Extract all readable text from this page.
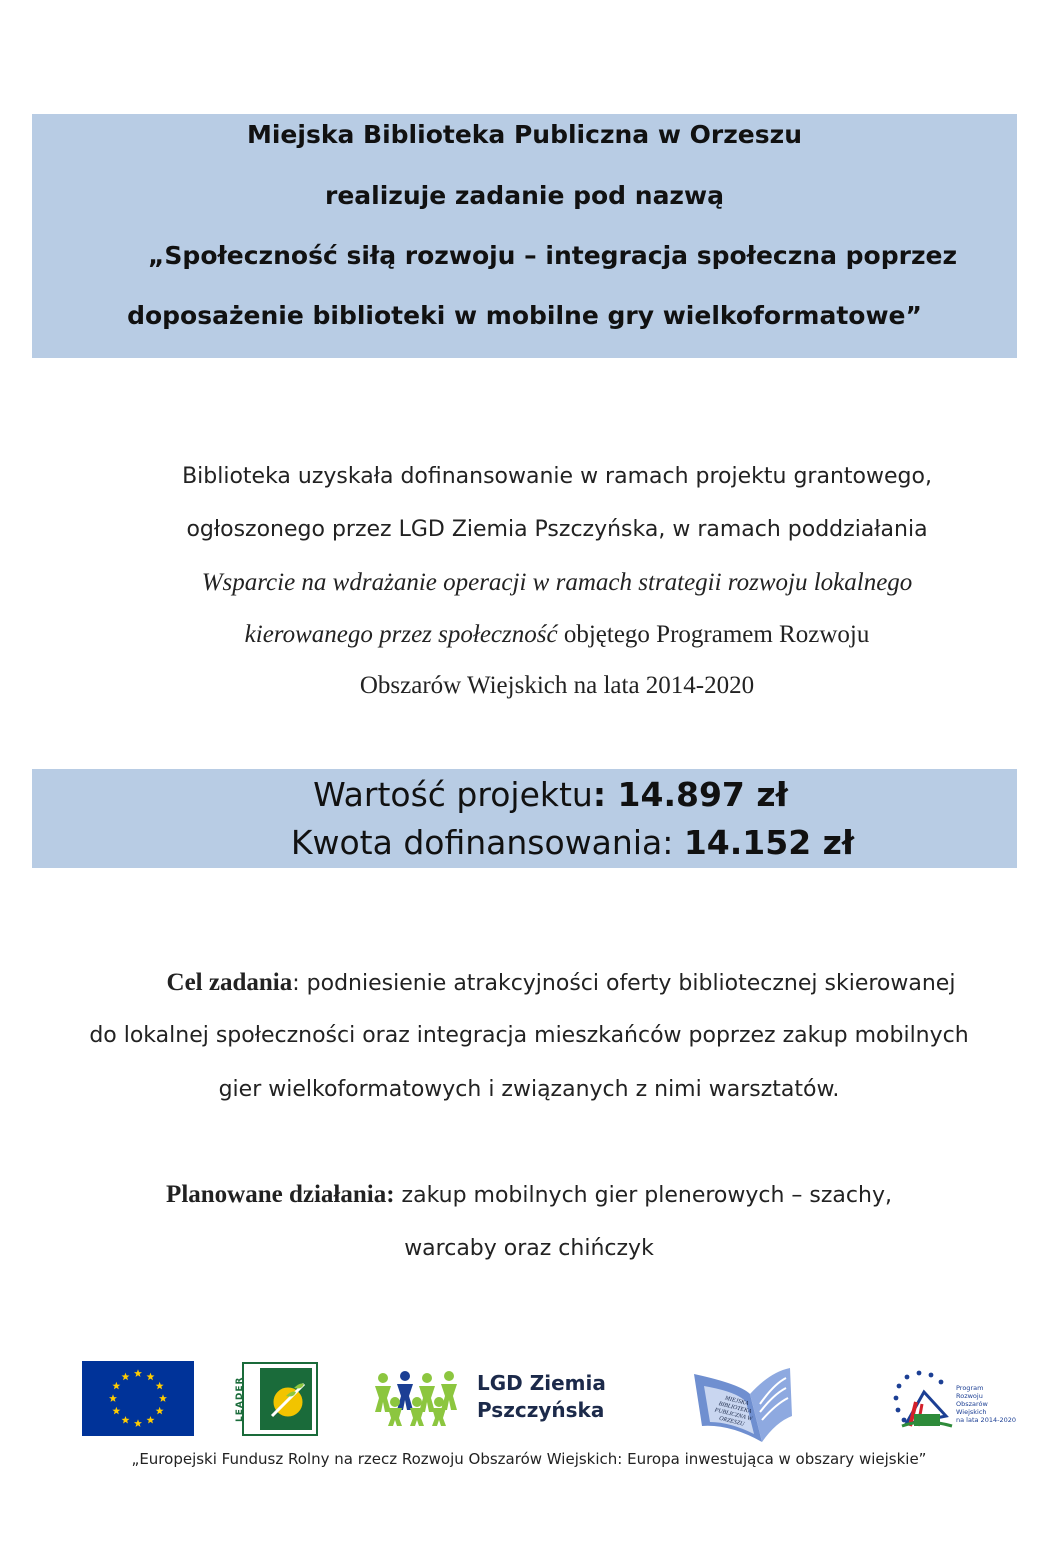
Miejska Biblioteka Publiczna w Orzeszu
realizuje zadanie pod nazwą
„Społeczność siłą rozwoju – integracja społeczna poprzez
doposażenie biblioteki w mobilne gry wielkoformatowe”
Biblioteka uzyskała dofinansowanie w ramach projektu grantowego,
ogłoszonego przez LGD Ziemia Pszczyńska, w ramach poddziałania
Wsparcie na wdrażanie operacji w ramach strategii rozwoju lokalnego
kierowanego przez społeczność objętego Programem Rozwoju
Obszarów Wiejskich na lata 2014-2020
Wartość projektu: 14.897 zł
Kwota dofinansowania: 14.152 zł
Cel zadania: podniesienie atrakcyjności oferty bibliotecznej skierowanej
do lokalnej społeczności oraz integracja mieszkańców poprzez zakup mobilnych
gier wielkoformatowych i związanych z nimi warsztatów.
Planowane działania: zakup mobilnych gier plenerowych – szachy,
warcaby oraz chińczyk
LEADER	LGD Ziemia
Pszczyńska	MIEJSKA BIBLIOTEKA PUBLICZNA W ORZESZU
Program
Rozwoju
Obszarów
Wiejskich
na lata 2014-2020
„Europejski Fundusz Rolny na rzecz Rozwoju Obszarów Wiejskich: Europa inwestująca w obszary wiejskie”
